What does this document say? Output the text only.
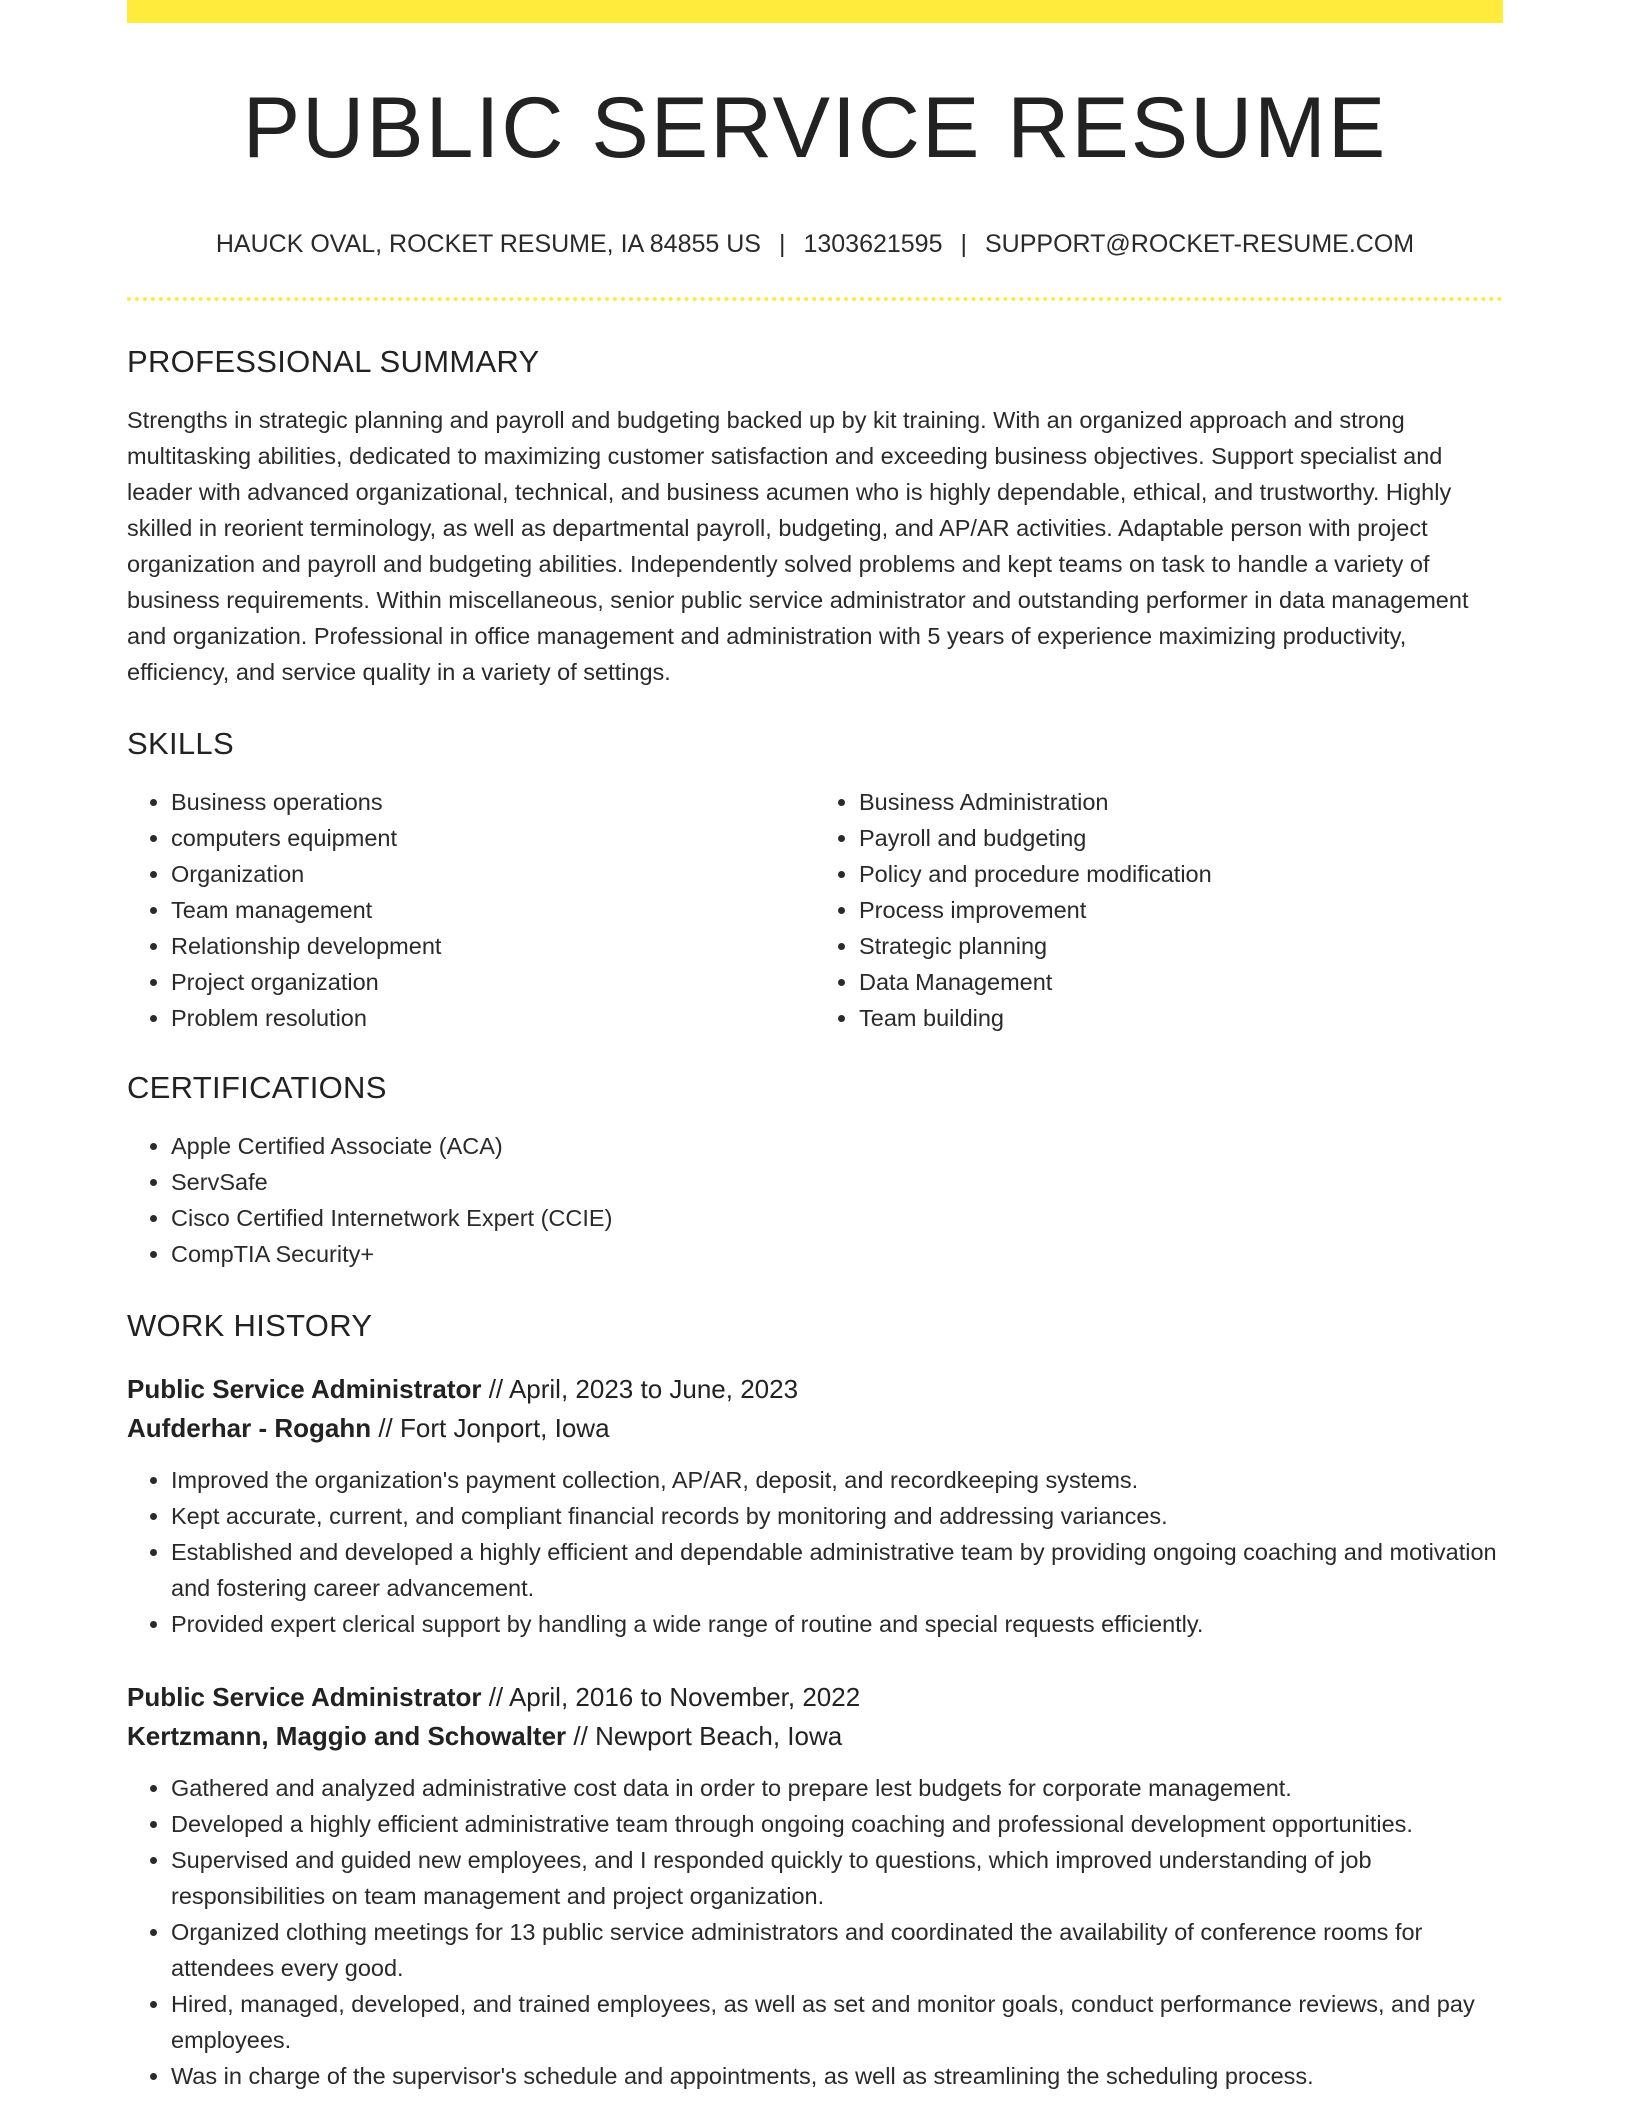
PUBLIC SERVICE RESUME
HAUCK OVAL, ROCKET RESUME, IA 84855 US | 1303621595 | SUPPORT@ROCKET-RESUME.COM
PROFESSIONAL SUMMARY
Strengths in strategic planning and payroll and budgeting backed up by kit training. With an organized approach and strong multitasking abilities, dedicated to maximizing customer satisfaction and exceeding business objectives. Support specialist and leader with advanced organizational, technical, and business acumen who is highly dependable, ethical, and trustworthy. Highly skilled in reorient terminology, as well as departmental payroll, budgeting, and AP/AR activities. Adaptable person with project organization and payroll and budgeting abilities. Independently solved problems and kept teams on task to handle a variety of business requirements. Within miscellaneous, senior public service administrator and outstanding performer in data management and organization. Professional in office management and administration with 5 years of experience maximizing productivity, efficiency, and service quality in a variety of settings.
SKILLS
• Business operations
• computers equipment
• Organization
• Team management
• Relationship development
• Project organization
• Problem resolution
• Business Administration
• Payroll and budgeting
• Policy and procedure modification
• Process improvement
• Strategic planning
• Data Management
• Team building
CERTIFICATIONS
• Apple Certified Associate (ACA)
• ServSafe
• Cisco Certified Internetwork Expert (CCIE)
• CompTIA Security+
WORK HISTORY
Public Service Administrator // April, 2023 to June, 2023
Aufderhar - Rogahn // Fort Jonport, Iowa
• Improved the organization's payment collection, AP/AR, deposit, and recordkeeping systems.
• Kept accurate, current, and compliant financial records by monitoring and addressing variances.
• Established and developed a highly efficient and dependable administrative team by providing ongoing coaching and motivation and fostering career advancement.
• Provided expert clerical support by handling a wide range of routine and special requests efficiently.
Public Service Administrator // April, 2016 to November, 2022
Kertzmann, Maggio and Schowalter // Newport Beach, Iowa
• Gathered and analyzed administrative cost data in order to prepare lest budgets for corporate management.
• Developed a highly efficient administrative team through ongoing coaching and professional development opportunities.
• Supervised and guided new employees, and I responded quickly to questions, which improved understanding of job responsibilities on team management and project organization.
• Organized clothing meetings for 13 public service administrators and coordinated the availability of conference rooms for attendees every good.
• Hired, managed, developed, and trained employees, as well as set and monitor goals, conduct performance reviews, and pay employees.
• Was in charge of the supervisor's schedule and appointments, as well as streamlining the scheduling process.
